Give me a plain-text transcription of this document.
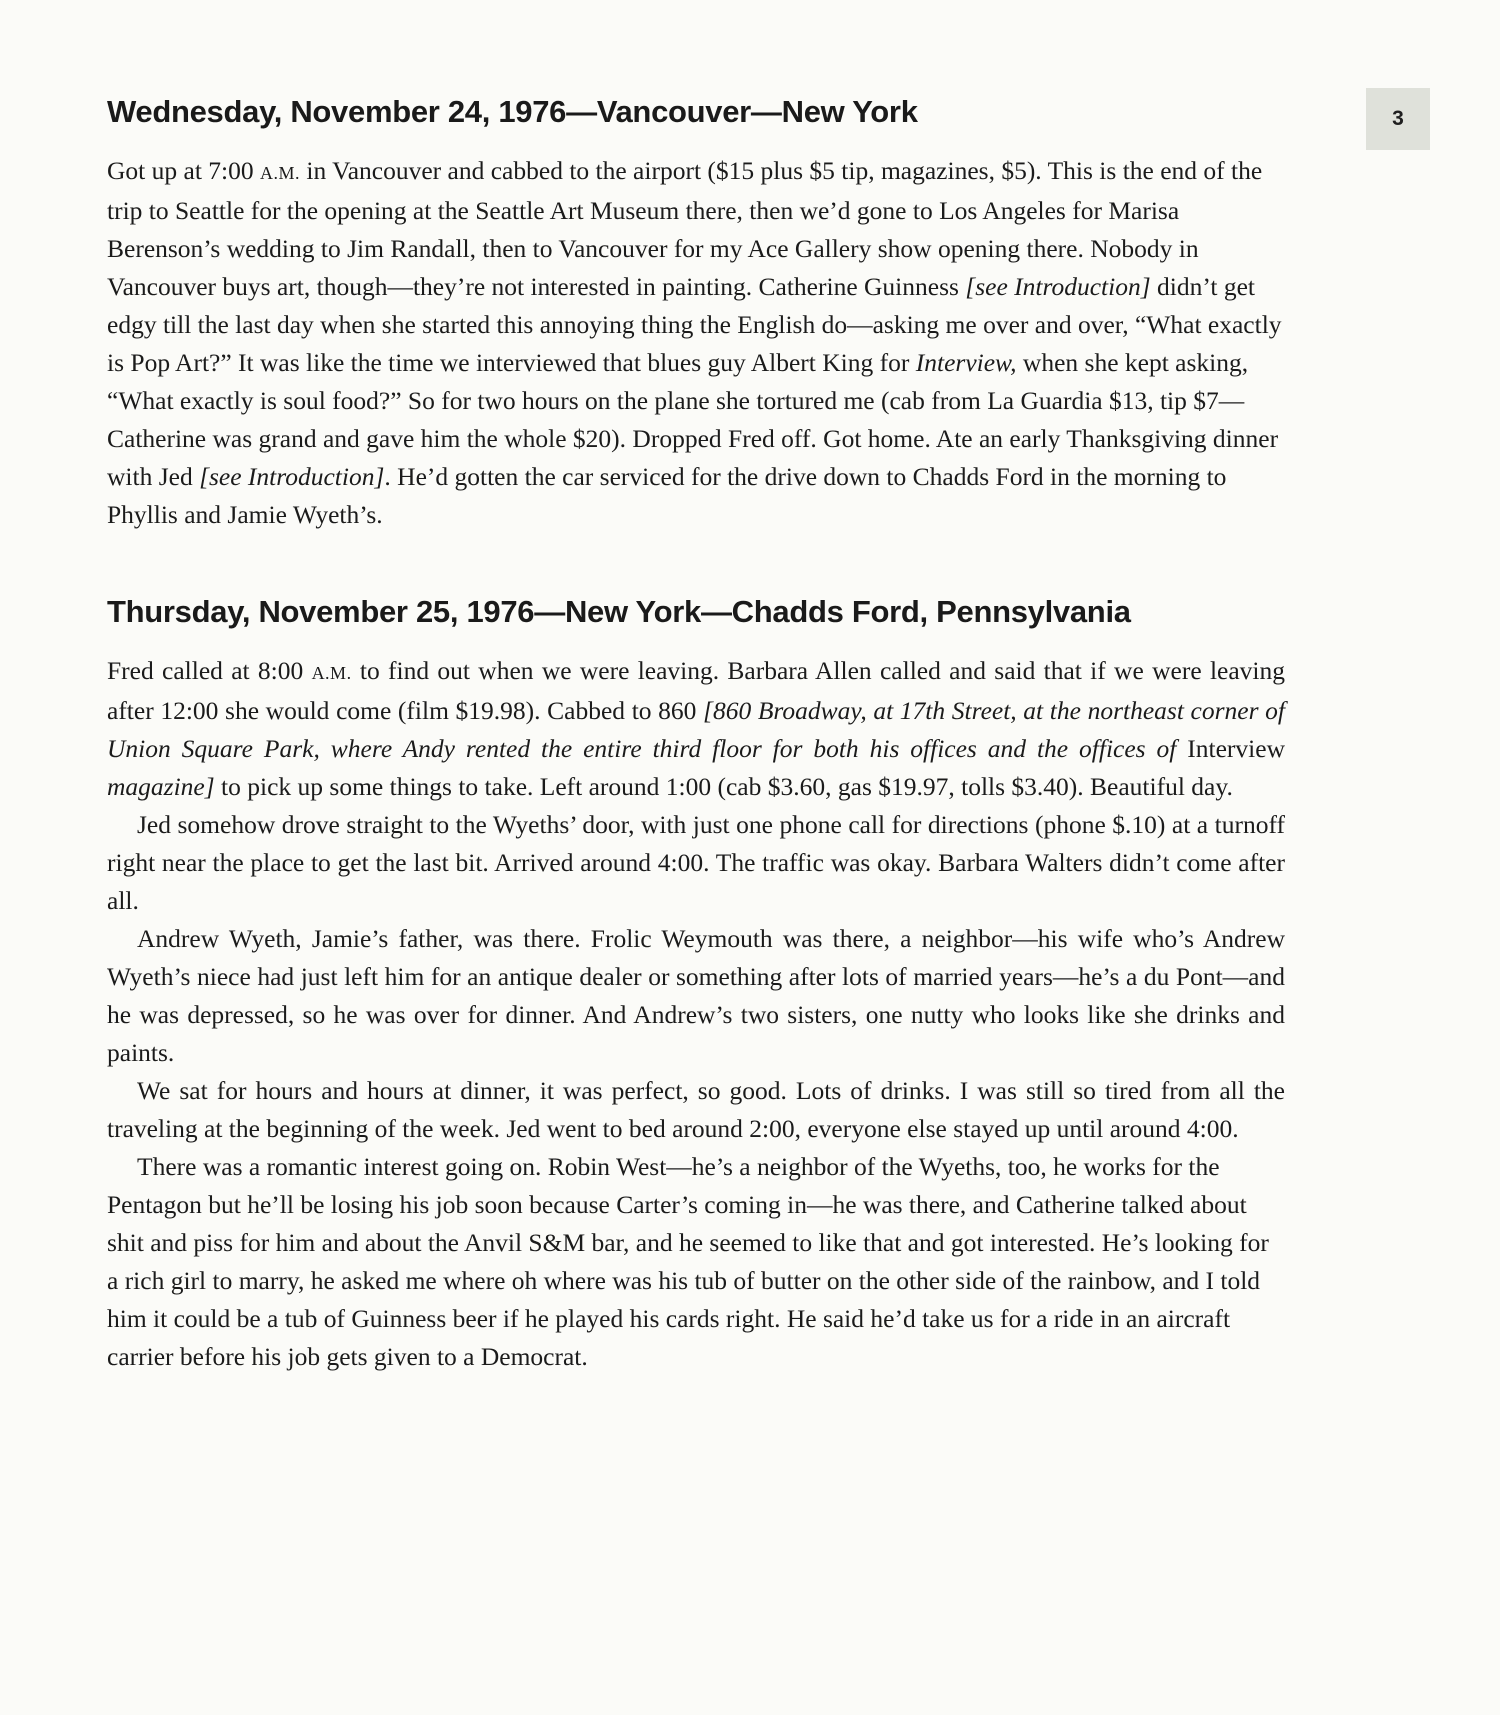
3
Wednesday, November 24, 1976—Vancouver—New York

Got up at 7:00 A.M. in Vancouver and cabbed to the airport ($15 plus $5 tip, magazines, $5). This is the end of the trip to Seattle for the opening at the Seattle Art Museum there, then we’d gone to Los Angeles for Marisa Berenson’s wedding to Jim Randall, then to Vancouver for my Ace Gallery show opening there. Nobody in Vancouver buys art, though—they’re not interested in painting. Catherine Guinness [see Introduction] didn’t get edgy till the last day when she started this annoying thing the English do—asking me over and over, “What exactly is Pop Art?” It was like the time we interviewed that blues guy Albert King for Interview, when she kept asking, “What exactly is soul food?” So for two hours on the plane she tortured me (cab from La Guardia $13, tip $7—Catherine was grand and gave him the whole $20). Dropped Fred off. Got home. Ate an early Thanksgiving dinner with Jed [see Introduction]. He’d gotten the car serviced for the drive down to Chadds Ford in the morning to Phyllis and Jamie Wyeth’s.

Thursday, November 25, 1976—New York—Chadds Ford, Pennsylvania

Fred called at 8:00 A.M. to find out when we were leaving. Barbara Allen called and said that if we were leaving after 12:00 she would come (film $19.98). Cabbed to 860 [860 Broadway, at 17th Street, at the northeast corner of Union Square Park, where Andy rented the entire third floor for both his offices and the offices of Interview magazine] to pick up some things to take. Left around 1:00 (cab $3.60, gas $19.97, tolls $3.40). Beautiful day.

Jed somehow drove straight to the Wyeths’ door, with just one phone call for directions (phone $.10) at a turnoff right near the place to get the last bit. Arrived around 4:00. The traffic was okay. Barbara Walters didn’t come after all.

Andrew Wyeth, Jamie’s father, was there. Frolic Weymouth was there, a neighbor—his wife who’s Andrew Wyeth’s niece had just left him for an antique dealer or something after lots of married years—he’s a du Pont—and he was depressed, so he was over for dinner. And Andrew’s two sisters, one nutty who looks like she drinks and paints.

We sat for hours and hours at dinner, it was perfect, so good. Lots of drinks. I was still so tired from all the traveling at the beginning of the week. Jed went to bed around 2:00, everyone else stayed up until around 4:00.

There was a romantic interest going on. Robin West—he’s a neighbor of the Wyeths, too, he works for the Pentagon but he’ll be losing his job soon because Carter’s coming in—he was there, and Catherine talked about shit and piss for him and about the Anvil S&M bar, and he seemed to like that and got interested. He’s looking for a rich girl to marry, he asked me where oh where was his tub of butter on the other side of the rainbow, and I told him it could be a tub of Guinness beer if he played his cards right. He said he’d take us for a ride in an aircraft carrier before his job gets given to a Democrat.
